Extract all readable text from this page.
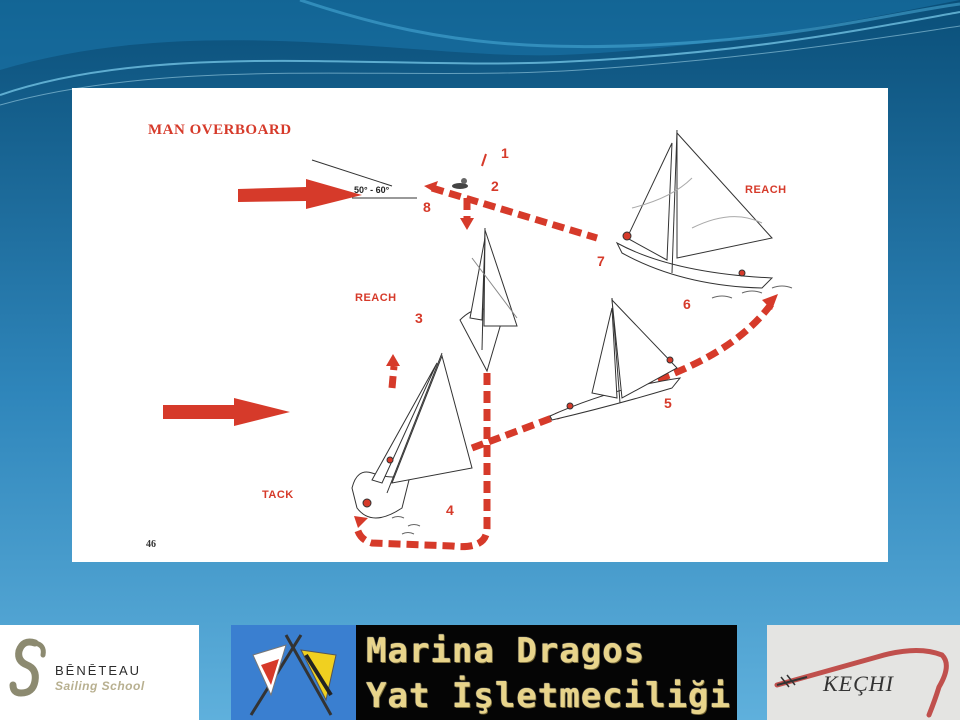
MAN OVERBOARD
50° - 60°
46
REACH
REACH
TACK
1
2
3
4
5
6
7
8
BĒNĒTEAU
Sailing School
Marina Dragos
Yat İşletmeciliği	KEÇHI
